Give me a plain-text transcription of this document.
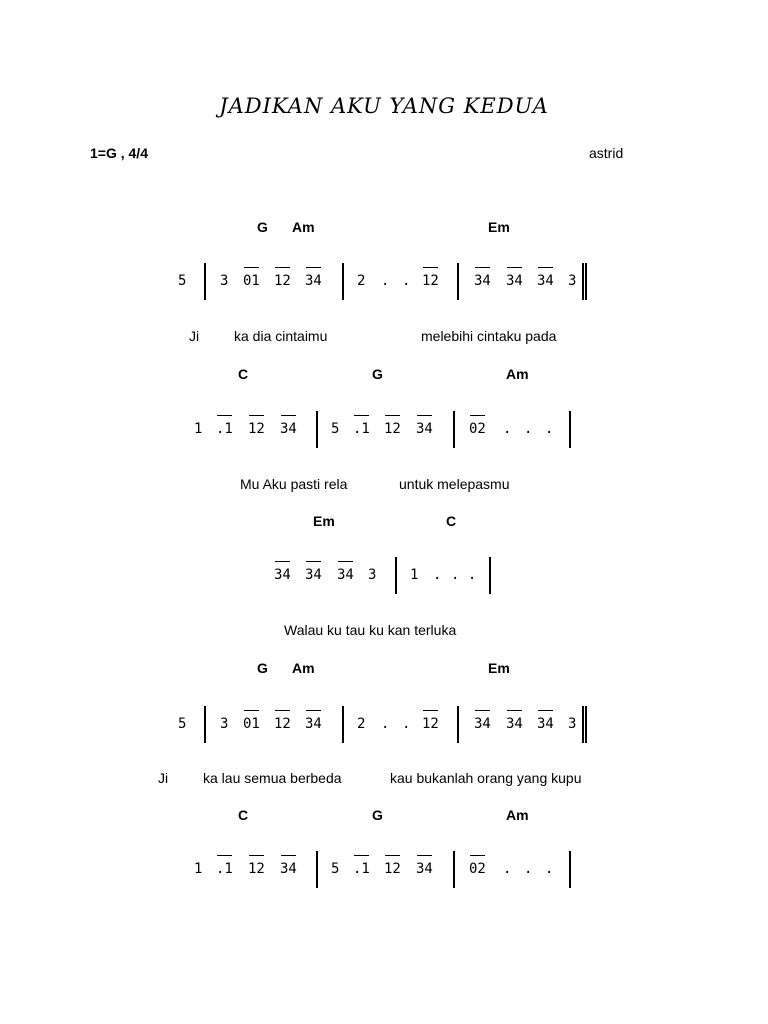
JADIKAN AKU YANG KEDUA
1=G , 4/4	astrid
G Am	Em
5 3 01 12 34	2 . . 12	34 34 34 3
Ji ka dia cintaimu	melebihi cintaku pada
C	G	Am
1 .1 12 34 5 .1 12 34	02 . . .
Mu Aku pasti rela	untuk melepasmu
Em	C
34 34 34 3 1 . . .
Walau ku tau ku kan terluka
G Am	Em
5 3 01 12 34	2 . . 12	34 34 34 3
Ji ka lau semua berbeda	kau bukanlah orang yang kupu
C	G	Am
1 .1 12 34 5 .1 12 34	02 . . .
